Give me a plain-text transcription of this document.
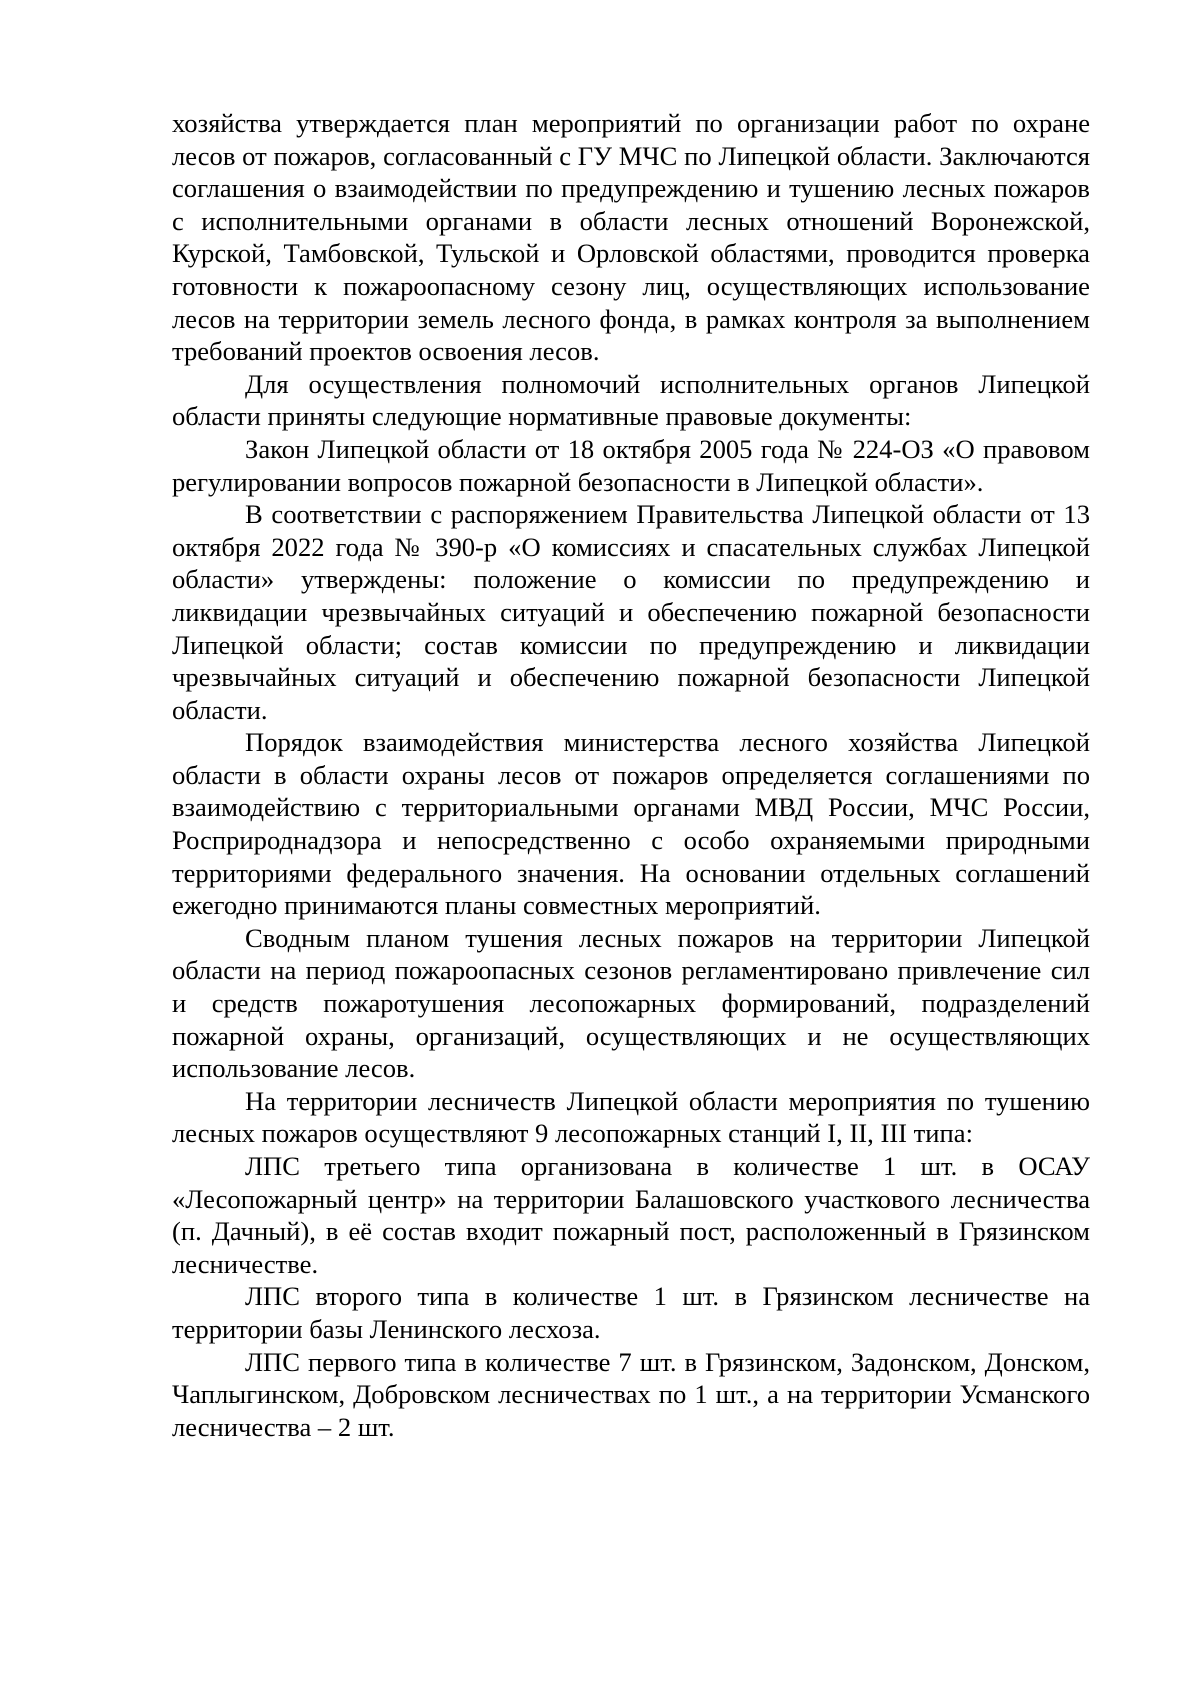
хозяйства утверждается план мероприятий по организации работ по охране лесов от пожаров, согласованный с ГУ МЧС по Липецкой области. Заключаются соглашения о взаимодействии по предупреждению и тушению лесных пожаров с исполнительными органами в области лесных отношений Воронежской, Курской, Тамбовской, Тульской и Орловской областями, проводится проверка готовности к пожароопасному сезону лиц, осуществляющих использование лесов на территории земель лесного фонда, в рамках контроля за выполнением требований проектов освоения лесов.

Для осуществления полномочий исполнительных органов Липецкой области приняты следующие нормативные правовые документы:

Закон Липецкой области от 18 октября 2005 года № 224-ОЗ «О правовом регулировании вопросов пожарной безопасности в Липецкой области».

В соответствии с распоряжением Правительства Липецкой области от 13 октября 2022 года № 390-р «О комиссиях и спасательных службах Липецкой области» утверждены: положение о комиссии по предупреждению и ликвидации чрезвычайных ситуаций и обеспечению пожарной безопасности Липецкой области; состав комиссии по предупреждению и ликвидации чрезвычайных ситуаций и обеспечению пожарной безопасности Липецкой области.

Порядок взаимодействия министерства лесного хозяйства Липецкой области в области охраны лесов от пожаров определяется соглашениями по взаимодействию с территориальными органами МВД России, МЧС России, Росприроднадзора и непосредственно с особо охраняемыми природными территориями федерального значения. На основании отдельных соглашений ежегодно принимаются планы совместных мероприятий.

Сводным планом тушения лесных пожаров на территории Липецкой области на период пожароопасных сезонов регламентировано привлечение сил и средств пожаротушения лесопожарных формирований, подразделений пожарной охраны, организаций, осуществляющих и не осуществляющих использование лесов.

На территории лесничеств Липецкой области мероприятия по тушению лесных пожаров осуществляют 9 лесопожарных станций I, II, III типа:

ЛПС третьего типа организована в количестве 1 шт. в ОСАУ «Лесопожарный центр» на территории Балашовского участкового лесничества (п. Дачный), в её состав входит пожарный пост, расположенный в Грязинском лесничестве.

ЛПС второго типа в количестве 1 шт. в Грязинском лесничестве на территории базы Ленинского лесхоза.

ЛПС первого типа в количестве 7 шт. в Грязинском, Задонском, Донском, Чаплыгинском, Добровском лесничествах по 1 шт., а на территории Усманского лесничества – 2 шт.
